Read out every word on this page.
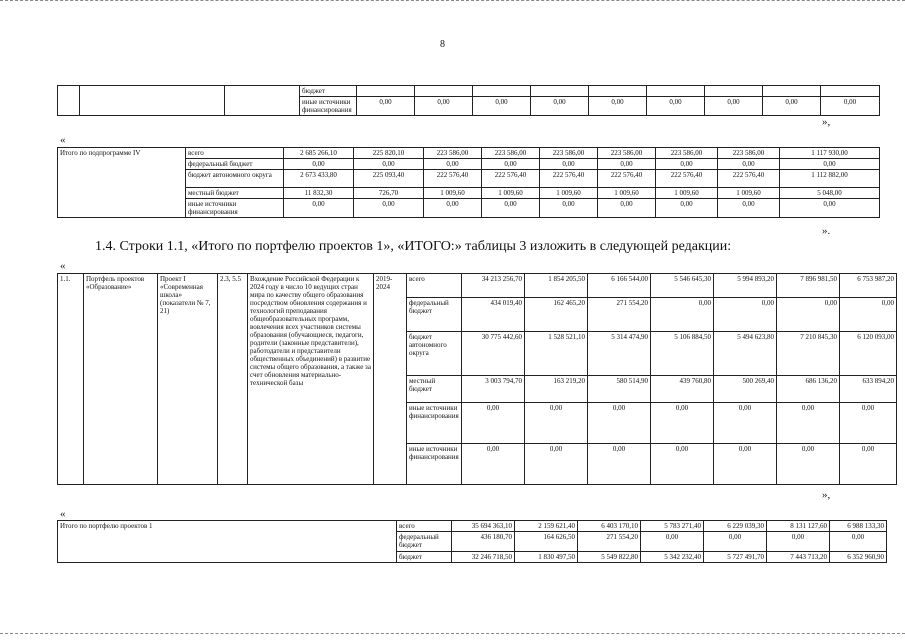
8
			бюджет									
			иные источники финансирования	0,00	0,00	0,00	0,00	0,00	0,00	0,00	0,00	0,00
»,
«
Итого по подпрограмме IV	всего	2 685 266,10	225 820,10	223 586,00	223 586,00	223 586,00	223 586,00	223 586,00	223 586,00	1 117 930,00
	федеральный бюджет	0,00	0,00	0,00	0,00	0,00	0,00	0,00	0,00	0,00
	бюджет автономного округа	2 673 433,80	225 093,40	222 576,40	222 576,40	222 576,40	222 576,40	222 576,40	222 576,40	1 112 882,00
	местный бюджет	11 832,30	726,70	1 009,60	1 009,60	1 009,60	1 009,60	1 009,60	1 009,60	5 048,00
	иные источники финансирования	0,00	0,00	0,00	0,00	0,00	0,00	0,00	0,00	0,00
».
1.4. Строки 1.1, «Итого по портфелю проектов 1», «ИТОГО:» таблицы 3 изложить в следующей редакции:
«
1.1.	Портфель проектов «Образование»	Проект I «Современная школа» (показатели № 7, 21)	2.3, 5.5	Вхождение Российской Федерации к 2024 году в число 10 ведущих стран мира по качеству общего образования посредством обновления содержания и технологий преподавания общеобразовательных программ, вовлечения всех участников системы образования (обучающиеся, педагоги, родители (законные представители), работодатели и представители общественных объединений) в развитие системы общего образования, а также за счет обновления материально-технической базы	2019-2024	всего	34 213 256,70	1 854 205,50	6 166 544,00	5 546 645,30	5 994 893,20	7 896 981,50	6 753 987,20
						федеральный бюджет	434 019,40	162 465,20	271 554,20	0,00	0,00	0,00	0,00
						бюджет автономного округа	30 775 442,60	1 528 521,10	5 314 474,90	5 106 884,50	5 494 623,80	7 210 845,30	6 120 093,00
						местный бюджет	3 003 794,70	163 219,20	580 514,90	439 760,80	500 269,40	686 136,20	633 894,20
						иные источники финансирования	0,00	0,00	0,00	0,00	0,00	0,00	0,00
						иные источники финансирования	0,00	0,00	0,00	0,00	0,00	0,00	0,00
»,
«
Итого по портфелю проектов 1	всего	35 694 363,10	2 159 621,40	6 403 170,10	5 783 271,40	6 229 039,30	8 131 127,60	6 988 133,30
	федеральный бюджет	436 180,70	164 626,50	271 554,20	0,00	0,00	0,00	0,00
	бюджет	32 246 718,50	1 830 497,50	5 549 822,80	5 342 232,40	5 727 491,70	7 443 713,20	6 352 960,90
